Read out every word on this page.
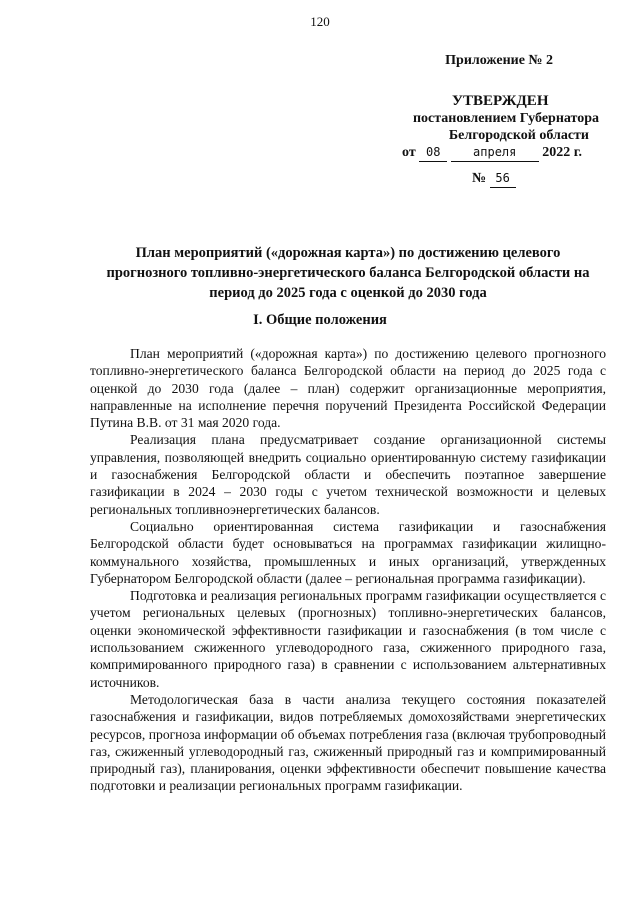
120
Приложение № 2
УТВЕРЖДЕН
постановлением Губернатора
Белгородской области
от 08	апреля 2022 г.
№ 56
План мероприятий («дорожная карта») по достижению целевого прогнозного топливно-энергетического баланса Белгородской области на период до 2025 года с оценкой до 2030 года
I. Общие положения

План мероприятий («дорожная карта») по достижению целевого прогнозного топливно-энергетического баланса Белгородской области на период до 2025 года с оценкой до 2030 года (далее – план) содержит организационные мероприятия, направленные на исполнение перечня поручений Президента Российской Федерации Путина В.В. от 31 мая 2020 года.

Реализация плана предусматривает создание организационной системы управления, позволяющей внедрить социально ориентированную систему газификации и газоснабжения Белгородской области и обеспечить поэтапное завершение газификации в 2024 – 2030 годы с учетом технической возможности и целевых региональных топливноэнергетических балансов.

Социально ориентированная система газификации и газоснабжения Белгородской области будет основываться на программах газификации жилищно-коммунального хозяйства, промышленных и иных организаций, утвержденных Губернатором Белгородской области (далее – региональная программа газификации).

Подготовка и реализация региональных программ газификации осуществляется с учетом региональных целевых (прогнозных) топливно-энергетических балансов, оценки экономической эффективности газификации и газоснабжения (в том числе с использованием сжиженного углеводородного газа, сжиженного природного газа, компримированного природного газа) в сравнении с использованием альтернативных источников.

Методологическая база в части анализа текущего состояния показателей газоснабжения и газификации, видов потребляемых домохозяйствами энергетических ресурсов, прогноза информации об объемах потребления газа (включая трубопроводный газ, сжиженный углеводородный газ, сжиженный природный газ и компримированный природный газ), планирования, оценки эффективности обеспечит повышение качества подготовки и реализации региональных программ газификации.
